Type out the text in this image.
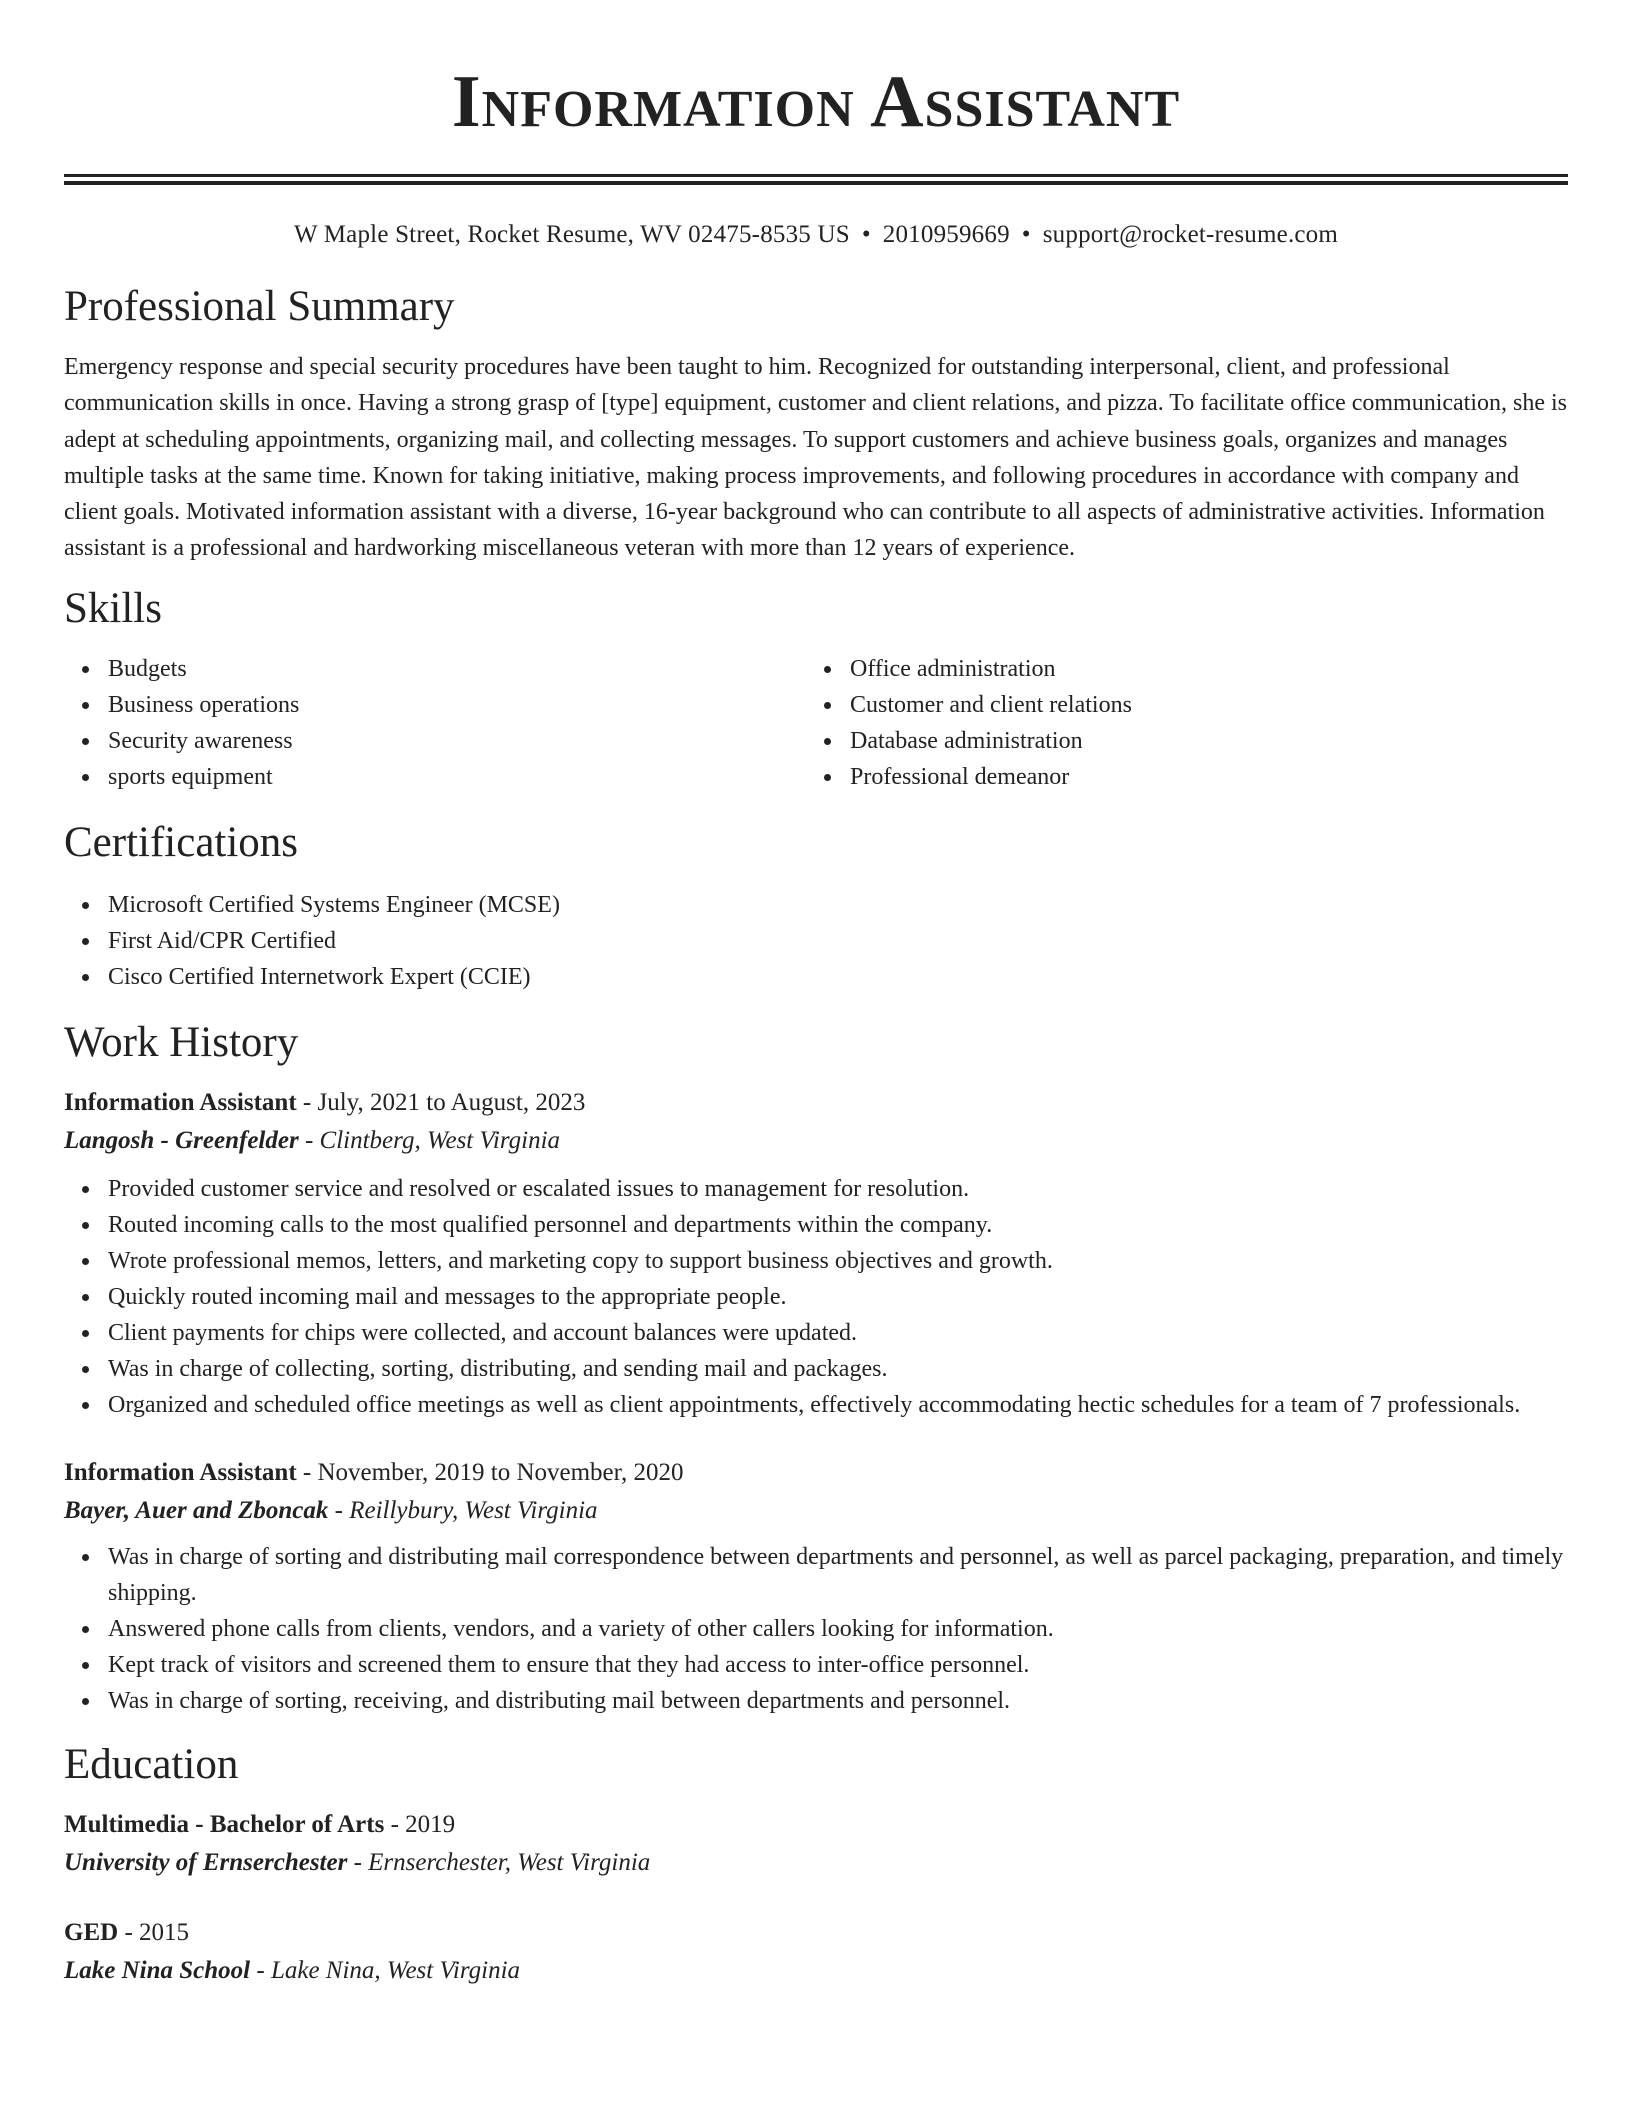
Information Assistant
W Maple Street, Rocket Resume, WV 02475-8535 US • 2010959669 • support@rocket-resume.com
Professional Summary

Emergency response and special security procedures have been taught to him. Recognized for outstanding interpersonal, client, and professional communication skills in once. Having a strong grasp of [type] equipment, customer and client relations, and pizza. To facilitate office communication, she is adept at scheduling appointments, organizing mail, and collecting messages. To support customers and achieve business goals, organizes and manages multiple tasks at the same time. Known for taking initiative, making process improvements, and following procedures in accordance with company and client goals. Motivated information assistant with a diverse, 16-year background who can contribute to all aspects of administrative activities. Information assistant is a professional and hardworking miscellaneous veteran with more than 12 years of experience.

Skills
Budgets
Business operations
Security awareness
sports equipment
Office administration
Customer and client relations
Database administration
Professional demeanor
Certifications
Microsoft Certified Systems Engineer (MCSE)
First Aid/CPR Certified
Cisco Certified Internetwork Expert (CCIE)
Work History
Information Assistant - July, 2021 to August, 2023
Langosh - Greenfelder - Clintberg, West Virginia
Provided customer service and resolved or escalated issues to management for resolution.
Routed incoming calls to the most qualified personnel and departments within the company.
Wrote professional memos, letters, and marketing copy to support business objectives and growth.
Quickly routed incoming mail and messages to the appropriate people.
Client payments for chips were collected, and account balances were updated.
Was in charge of collecting, sorting, distributing, and sending mail and packages.
Organized and scheduled office meetings as well as client appointments, effectively accommodating hectic schedules for a team of 7 professionals.
Information Assistant - November, 2019 to November, 2020
Bayer, Auer and Zboncak - Reillybury, West Virginia
Was in charge of sorting and distributing mail correspondence between departments and personnel, as well as parcel packaging, preparation, and timely shipping.
Answered phone calls from clients, vendors, and a variety of other callers looking for information.
Kept track of visitors and screened them to ensure that they had access to inter-office personnel.
Was in charge of sorting, receiving, and distributing mail between departments and personnel.
Education
Multimedia - Bachelor of Arts - 2019
University of Ernserchester - Ernserchester, West Virginia
GED - 2015
Lake Nina School - Lake Nina, West Virginia
